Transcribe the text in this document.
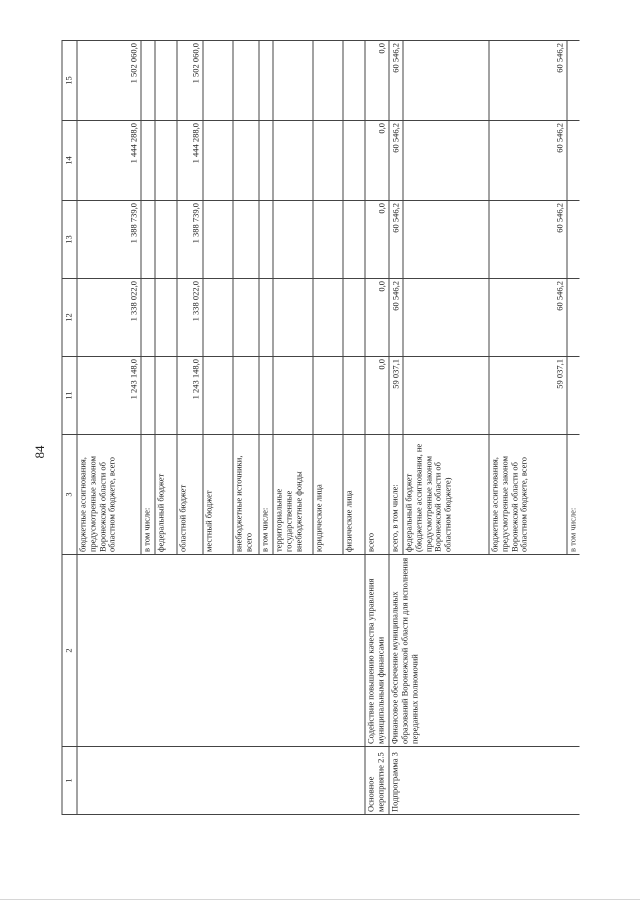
84
1	2	3	11	12	13	14	15
		бюджетные ассигнования, предусмотренные законом Воронежской области об областном бюджете, всего	1 243 148,0	1 338 022,0	1 388 739,0	1 444 288,0	1 502 060,0
		в том числе:					
		федеральный бюджет					
		областной бюджет	1 243 148,0	1 338 022,0	1 388 739,0	1 444 288,0	1 502 060,0
		местный бюджет					
		внебюджетные источники, всего					
		в том числе:					
		территориальные государственные внебюджетные фонды					
		юридические лица					
		физические лица					
Основное мероприятие 2.5	Содействие повышению качества управления муниципальными финансами	всего	0,0	0,0	0,0	0,0	0,0
Подпрограмма 3	Финансовое обеспечение муниципальных образований Воронежской области для исполнения переданных полномочий	всего, в том числе:	59 037,1	60 546,2	60 546,2	60 546,2	60 546,2
		федеральный бюджет (бюджетные ассигнования, не предусмотренные законом Воронежской области об областном бюджете)					
		бюджетные ассигнования, предусмотренные законом Воронежской области об областном бюджете, всего	59 037,1	60 546,2	60 546,2	60 546,2	60 546,2
		в том числе:					
